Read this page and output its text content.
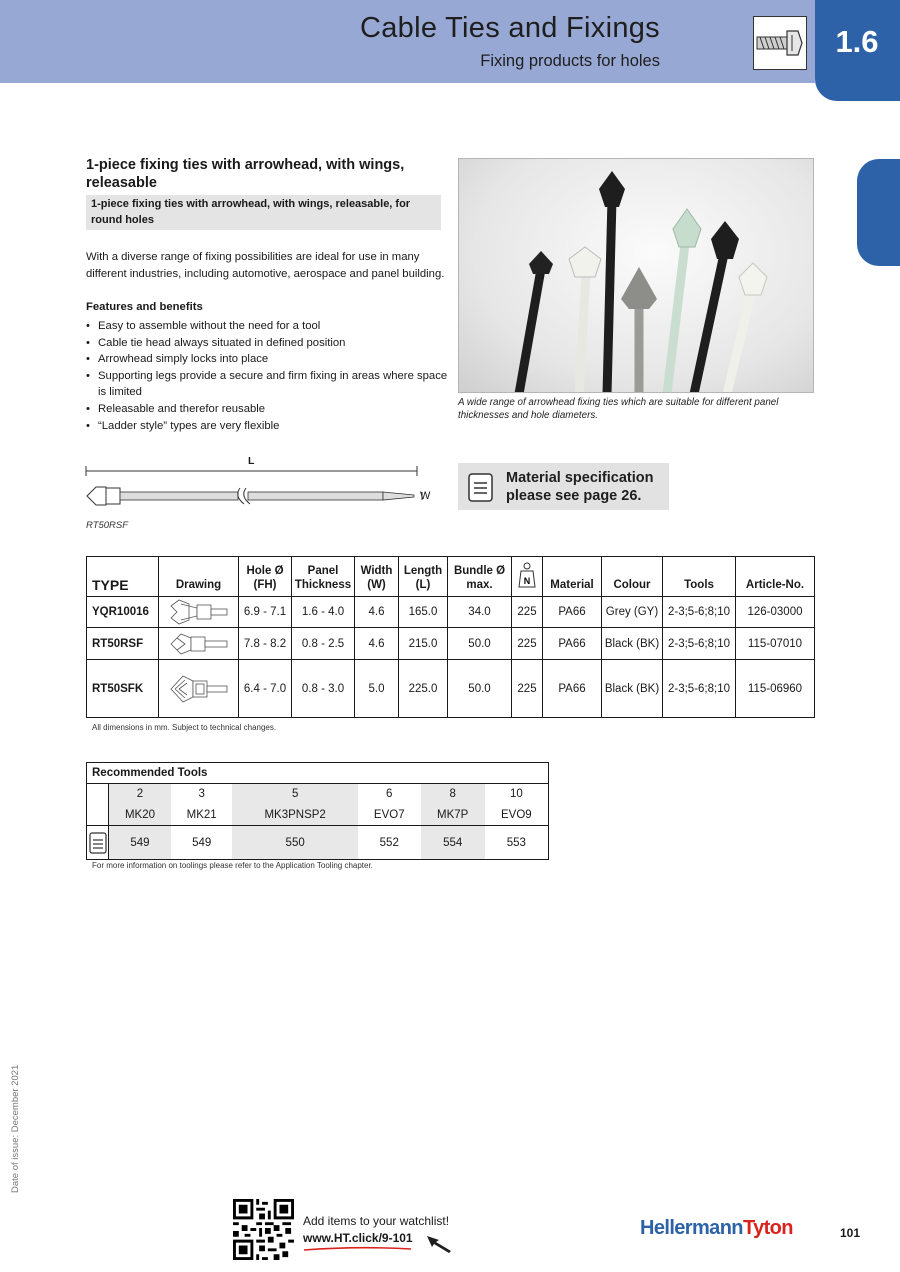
Cable Ties and Fixings
Fixing products for holes
1.6
1-piece fixing ties with arrowhead, with wings, releasable
1-piece fixing ties with arrowhead, with wings, releasable, for round holes
With a diverse range of fixing possibilities are ideal for use in many different industries, including automotive, aerospace and panel building.
Features and benefits
• Easy to assemble without the need for a tool
• Cable tie head always situated in defined position
• Arrowhead simply locks into place
• Supporting legs provide a secure and firm fixing in areas where space is limited
• Releasable and therefor reusable
• “Ladder style” types are very flexible
A wide range of arrowhead fixing ties which are suitable for different panel thicknesses and hole diameters.
L
W
RT50RSF
Material specification please see page 26.
TYPE	Drawing	Hole Ø (FH)	Panel Thickness	Width (W)	Length (L)	Bundle Ø max.	N	Material	Colour	Tools	Article-No.
YQR10016		6.9 - 7.1	1.6 - 4.0	4.6	165.0	34.0	225	PA66	Grey (GY)	2-3;5-6;8;10	126-03000
RT50RSF		7.8 - 8.2	0.8 - 2.5	4.6	215.0	50.0	225	PA66	Black (BK)	2-3;5-6;8;10	115-07010
RT50SFK		6.4 - 7.0	0.8 - 3.0	5.0	225.0	50.0	225	PA66	Black (BK)	2-3;5-6;8;10	115-06960
All dimensions in mm. Subject to technical changes.
Recommended Tools						
	2	3	5	6	8	10
	MK20	MK21	MK3PNSP2	EVO7	MK7P	EVO9

	549	549	550	552	554	553
For more information on toolings please refer to the Application Tooling chapter.
Date of issue: December 2021
Add items to your watchlist!
www.HT.click/9-101	HellermannTyton	101
